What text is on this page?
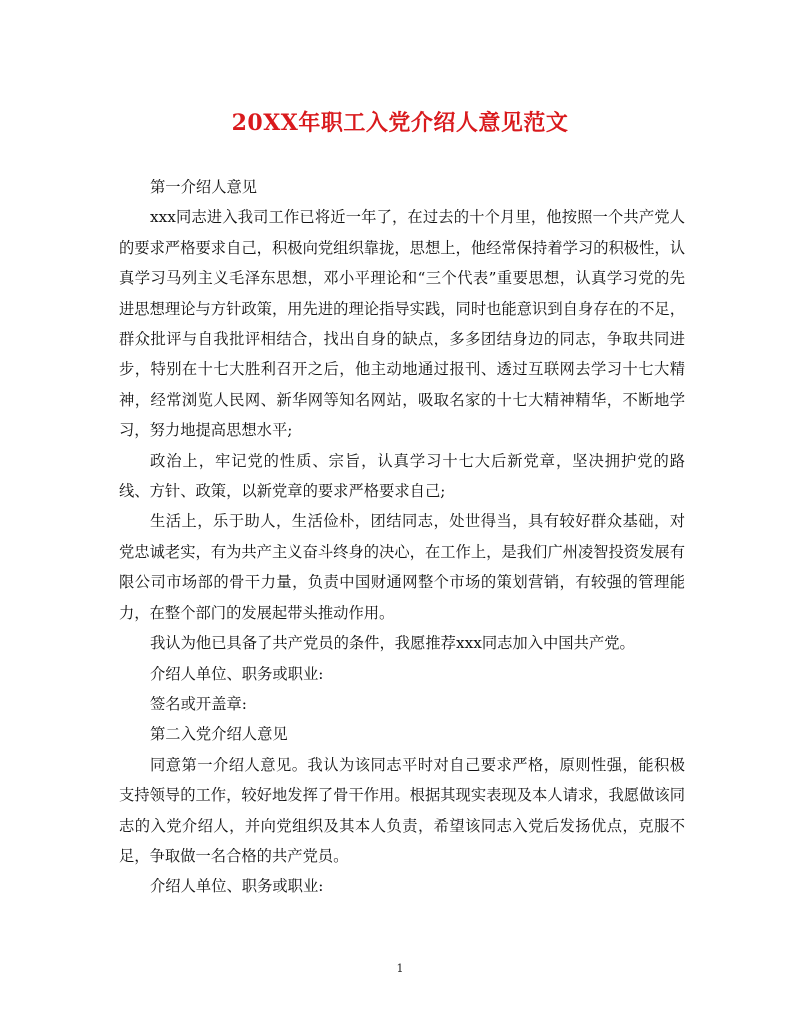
20XX年职工入党介绍人意见范文

第一介绍人意见

xxx同志进入我司工作已将近一年了，在过去的十个月里，他按照一个共产党人的要求严格要求自己，积极向党组织靠拢，思想上，他经常保持着学习的积极性，认真学习马列主义毛泽东思想，邓小平理论和“三个代表”重要思想，认真学习党的先进思想理论与方针政策，用先进的理论指导实践，同时也能意识到自身存在的不足，群众批评与自我批评相结合，找出自身的缺点，多多团结身边的同志，争取共同进步，特别在十七大胜利召开之后，他主动地通过报刊、透过互联网去学习十七大精神，经常浏览人民网、新华网等知名网站，吸取名家的十七大精神精华，不断地学习，努力地提高思想水平;

政治上，牢记党的性质、宗旨，认真学习十七大后新党章，坚决拥护党的路线、方针、政策，以新党章的要求严格要求自己;

生活上，乐于助人，生活俭朴，团结同志，处世得当，具有较好群众基础，对党忠诚老实，有为共产主义奋斗终身的决心，在工作上，是我们广州凌智投资发展有限公司市场部的骨干力量，负责中国财通网整个市场的策划营销，有较强的管理能力，在整个部门的发展起带头推动作用。

我认为他已具备了共产党员的条件，我愿推荐xxx同志加入中国共产党。

介绍人单位、职务或职业:

签名或开盖章:

第二入党介绍人意见

同意第一介绍人意见。我认为该同志平时对自己要求严格，原则性强，能积极支持领导的工作，较好地发挥了骨干作用。根据其现实表现及本人请求，我愿做该同志的入党介绍人，并向党组织及其本人负责，希望该同志入党后发扬优点，克服不足，争取做一名合格的共产党员。

介绍人单位、职务或职业:

1
